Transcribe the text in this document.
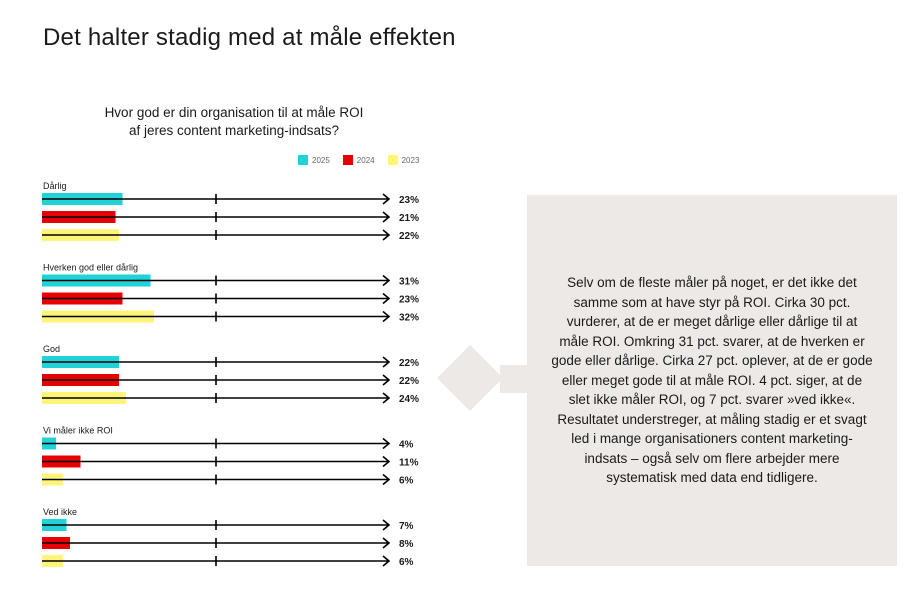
Det halter stadig med at måle effekten
Hvor god er din organisation til at måle ROI
af jeres content marketing-indsats?
2025	2024	2023
Dårlig
23%
21%
22%
Hverken god eller dårlig
31%
23%
32%
God
22%
22%
24%
Vi måler ikke ROI
4%
11%
6%
Ved ikke
7%
8%
6%

Selv om de fleste måler på noget, er det ikke det samme som at have styr på ROI. Cirka 30 pct. vurderer, at de er meget dårlige eller dårlige til at måle ROI. Omkring 31 pct. svarer, at de hverken er gode eller dårlige. Cirka 27 pct. oplever, at de er gode eller meget gode til at måle ROI. 4 pct. siger, at de slet ikke måler ROI, og 7 pct. svarer »ved ikke«. Resultatet understreger, at måling stadig er et svagt led i mange organisationers content marketing-indsats – også selv om flere arbejder mere systematisk med data end tidligere.
